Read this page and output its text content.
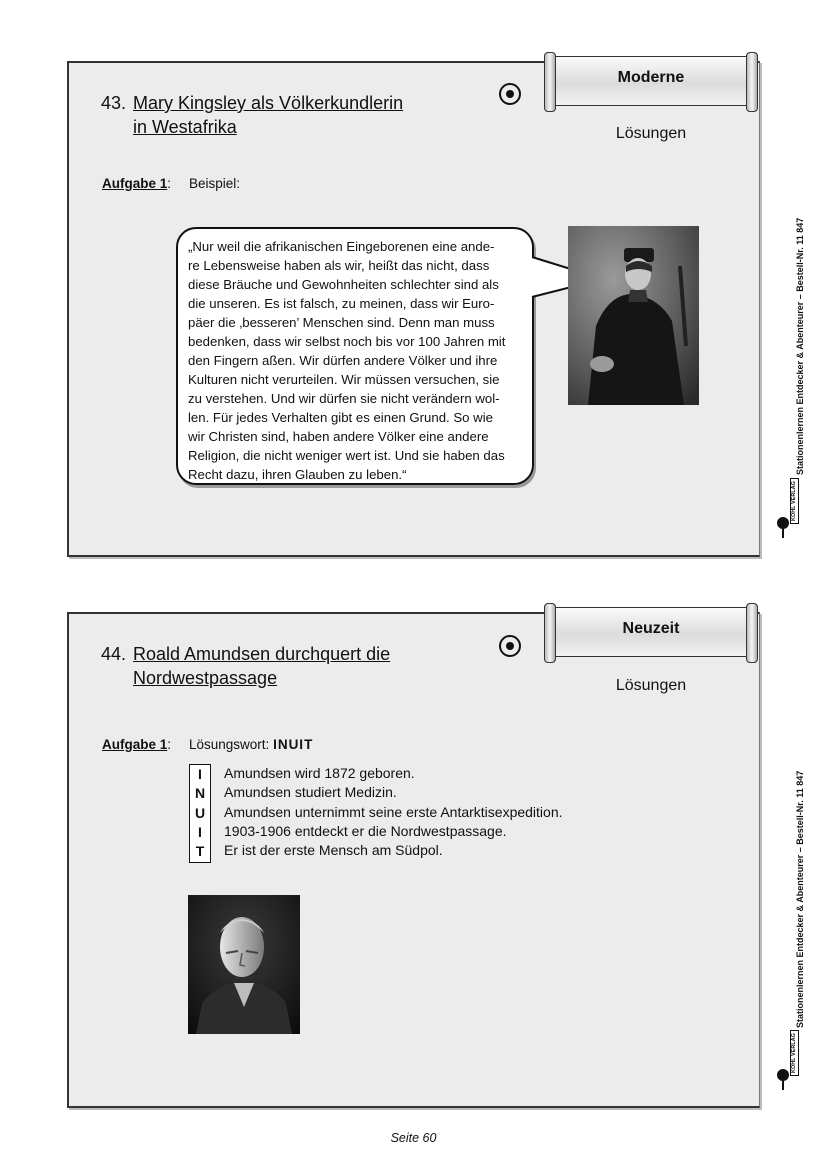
43. Mary Kingsley als Völkerkundlerin
in Westafrika
Aufgabe 1: Beispiel:

„Nur weil die afrikanischen Eingeborenen eine ande-

re Lebensweise haben als wir, heißt das nicht, dass

diese Bräuche und Gewohnheiten schlechter sind als

die unseren. Es ist falsch, zu meinen, dass wir Euro-

päer die ‚besseren’ Menschen sind. Denn man muss

bedenken, dass wir selbst noch bis vor 100 Jahren mit

den Fingern aßen. Wir dürfen andere Völker und ihre

Kulturen nicht verurteilen. Wir müssen versuchen, sie

zu verstehen. Und wir dürfen sie nicht verändern wol-

len. Für jedes Verhalten gibt es einen Grund. So wie

wir Christen sind, haben andere Völker eine andere

Religion, die nicht weniger wert ist. Und sie haben das

Recht dazu, ihren Glauben zu leben.“

Moderne
Lösungen
44. Roald Amundsen durchquert die
Nordwestpassage
Aufgabe 1: Lösungswort: INUIT
I
N
U
I
T
Amundsen wird 1872 geboren.
Amundsen studiert Medizin.
Amundsen unternimmt seine erste Antarktisexpedition.
1903-1906 entdeckt er die Nordwestpassage.
Er ist der erste Mensch am Südpol.
Neuzeit
Lösungen
Stationenlernen Entdecker & Abenteurer – Bestell-Nr. 11 847
KOHL VERLAG
Stationenlernen Entdecker & Abenteurer – Bestell-Nr. 11 847
KOHL VERLAG
Seite 60
